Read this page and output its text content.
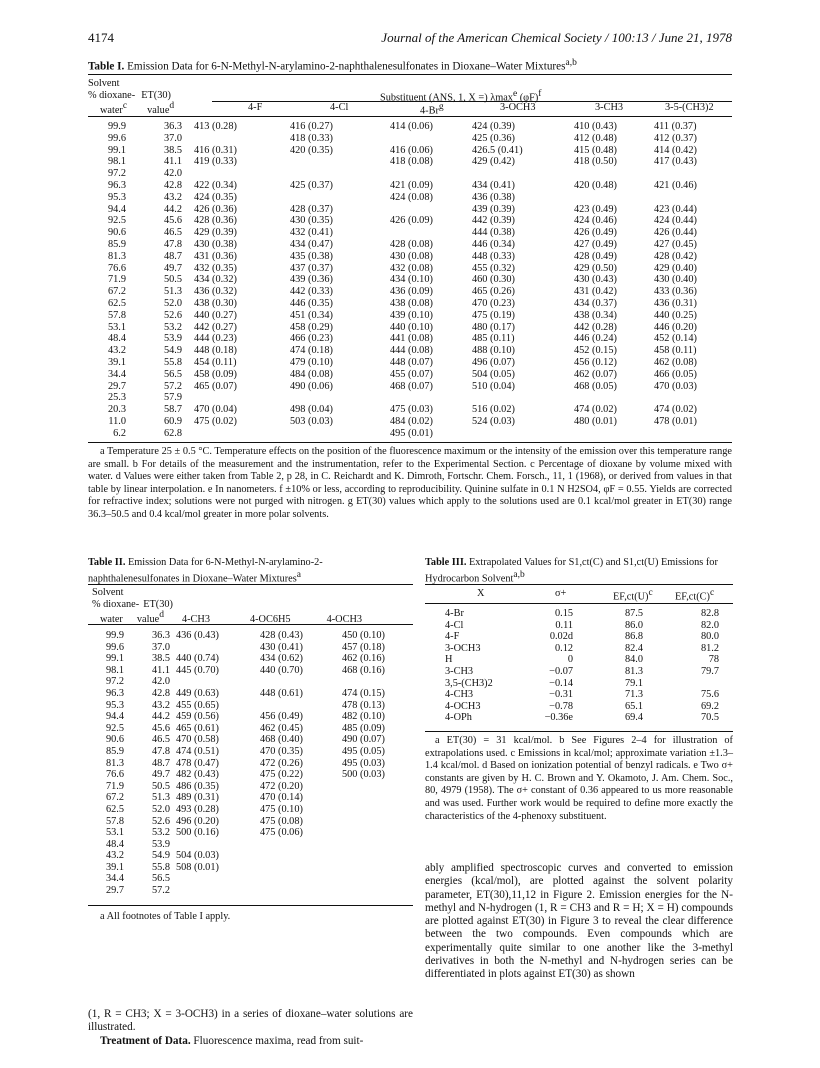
4174	Journal of the American Chemical Society / 100:13 / June 21, 1978
Table I. Emission Data for 6-N-Methyl-N-arylamino-2-naphthalenesulfonates in Dioxane–Water Mixtures$^{a,b}$
Solvent
% dioxane- ET(30)
water$^c$ value$^d$
Substituent (ANS, 1, X =) λmax$^e$ $(\varphi F)^f$
4-F	4-Cl	4-Br$^g$	3-OCH3	3-CH3	3-5-(CH3)2
99.9	36.3	413 (0.28)	416 (0.27)	414 (0.06)	424 (0.39)	410 (0.43)	411 (0.37)
99.6	37.0		418 (0.33)		425 (0.36)	412 (0.48)	412 (0.37)
99.1	38.5	416 (0.31)	420 (0.35)	416 (0.06)	426.5 (0.41)	415 (0.48)	414 (0.42)
98.1	41.1	419 (0.33)		418 (0.08)	429 (0.42)	418 (0.50)	417 (0.43)
97.2	42.0						
96.3	42.8	422 (0.34)	425 (0.37)	421 (0.09)	434 (0.41)	420 (0.48)	421 (0.46)
95.3	43.2	424 (0.35)		424 (0.08)	436 (0.38)		
94.4	44.2	426 (0.36)	428 (0.37)		439 (0.39)	423 (0.49)	423 (0.44)
92.5	45.6	428 (0.36)	430 (0.35)	426 (0.09)	442 (0.39)	424 (0.46)	424 (0.44)
90.6	46.5	429 (0.39)	432 (0.41)		444 (0.38)	426 (0.49)	426 (0.44)
85.9	47.8	430 (0.38)	434 (0.47)	428 (0.08)	446 (0.34)	427 (0.49)	427 (0.45)
81.3	48.7	431 (0.36)	435 (0.38)	430 (0.08)	448 (0.33)	428 (0.49)	428 (0.42)
76.6	49.7	432 (0.35)	437 (0.37)	432 (0.08)	455 (0.32)	429 (0.50)	429 (0.40)
71.9	50.5	434 (0.32)	439 (0.36)	434 (0.10)	460 (0.30)	430 (0.43)	430 (0.40)
67.2	51.3	436 (0.32)	442 (0.33)	436 (0.09)	465 (0.26)	431 (0.42)	433 (0.36)
62.5	52.0	438 (0.30)	446 (0.35)	438 (0.08)	470 (0.23)	434 (0.37)	436 (0.31)
57.8	52.6	440 (0.27)	451 (0.34)	439 (0.10)	475 (0.19)	438 (0.34)	440 (0.25)
53.1	53.2	442 (0.27)	458 (0.29)	440 (0.10)	480 (0.17)	442 (0.28)	446 (0.20)
48.4	53.9	444 (0.23)	466 (0.23)	441 (0.08)	485 (0.11)	446 (0.24)	452 (0.14)
43.2	54.9	448 (0.18)	474 (0.18)	444 (0.08)	488 (0.10)	452 (0.15)	458 (0.11)
39.1	55.8	454 (0.11)	479 (0.10)	448 (0.07)	496 (0.07)	456 (0.12)	462 (0.08)
34.4	56.5	458 (0.09)	484 (0.08)	455 (0.07)	504 (0.05)	462 (0.07)	466 (0.05)
29.7	57.2	465 (0.07)	490 (0.06)	468 (0.07)	510 (0.04)	468 (0.05)	470 (0.03)
25.3	57.9						
20.3	58.7	470 (0.04)	498 (0.04)	475 (0.03)	516 (0.02)	474 (0.02)	474 (0.02)
11.0	60.9	475 (0.02)	503 (0.03)	484 (0.02)	524 (0.03)	480 (0.01)	478 (0.01)
6.2	62.8			495 (0.01)			
a Temperature 25 ± 0.5 °C. Temperature effects on the position of the fluorescence maximum or the intensity of the emission over this temperature range are small. b For details of the measurement and the instrumentation, refer to the Experimental Section. c Percentage of dioxane by volume mixed with water. d Values were either taken from Table 2, p 28, in C. Reichardt and K. Dimroth, Fortschr. Chem. Forsch., 11, 1 (1968), or derived from values in that table by linear interpolation. e In nanometers. f ±10% or less, according to reproducibility. Quinine sulfate in 0.1 N H2SO4, φF = 0.55. Yields are corrected for refractive index; solutions were not purged with nitrogen. g ET(30) values which apply to the solutions used are 0.1 kcal/mol greater in ET(30) range 36.3–50.5 and 0.4 kcal/mol greater in more polar solvents.
Table II. Emission Data for 6-N-Methyl-N-arylamino-2-naphthalenesulfonates in Dioxane–Water Mixtures$^a$
Solvent
% dioxane- ET(30)
water value$^d$ 4-CH3	4-OC6H5	4-OCH3
99.9	36.3	436 (0.43)	428 (0.43)	450 (0.10)
99.6	37.0		430 (0.41)	457 (0.18)
99.1	38.5	440 (0.74)	434 (0.62)	462 (0.16)
98.1	41.1	445 (0.70)	440 (0.70)	468 (0.16)
97.2	42.0			
96.3	42.8	449 (0.63)	448 (0.61)	474 (0.15)
95.3	43.2	455 (0.65)		478 (0.13)
94.4	44.2	459 (0.56)	456 (0.49)	482 (0.10)
92.5	45.6	465 (0.61)	462 (0.45)	485 (0.09)
90.6	46.5	470 (0.58)	468 (0.40)	490 (0.07)
85.9	47.8	474 (0.51)	470 (0.35)	495 (0.05)
81.3	48.7	478 (0.47)	472 (0.26)	495 (0.03)
76.6	49.7	482 (0.43)	475 (0.22)	500 (0.03)
71.9	50.5	486 (0.35)	472 (0.20)	
67.2	51.3	489 (0.31)	470 (0.14)	
62.5	52.0	493 (0.28)	475 (0.10)	
57.8	52.6	496 (0.20)	475 (0.08)	
53.1	53.2	500 (0.16)	475 (0.06)	
48.4	53.9			
43.2	54.9	504 (0.03)		
39.1	55.8	508 (0.01)		
34.4	56.5			
29.7	57.2			
a All footnotes of Table I apply.
Table III. Extrapolated Values for S1,ct(C) and S1,ct(U) Emissions for Hydrocarbon Solvent$^{a,b}$
X	σ+	$EF,ct(U)^c$ $EF,ct(C)^c$
4-Br	0.15	87.5	82.8
4-Cl	0.11	86.0	82.0
4-F	0.02d	86.8	80.0
3-OCH3	0.12	82.4	81.2
H	0	84.0	78
3-CH3	−0.07	81.3	79.7
3,5-(CH3)2	−0.14	79.1	
4-CH3	−0.31	71.3	75.6
4-OCH3	−0.78	65.1	69.2
4-OPh	−0.36e	69.4	70.5
a ET(30) = 31 kcal/mol. b See Figures 2–4 for illustration of extrapolations used. c Emissions in kcal/mol; approximate variation ±1.3–1.4 kcal/mol. d Based on ionization potential of benzyl radicals. e Two σ+ constants are given by H. C. Brown and Y. Okamoto, J. Am. Chem. Soc., 80, 4979 (1958). The σ+ constant of 0.36 appeared to us more reasonable and was used. Further work would be required to define more exactly the characteristics of the 4-phenoxy substituent.
(1, R = CH3; X = 3-OCH3) in a series of dioxane–water solutions are illustrated.
Treatment of Data. Fluorescence maxima, read from suit-
ably amplified spectroscopic curves and converted to emission energies (kcal/mol), are plotted against the solvent polarity parameter, ET(30),11,12 in Figure 2. Emission energies for the N-methyl and N-hydrogen (1, R = CH3 and R = H; X = H) compounds are plotted against ET(30) in Figure 3 to reveal the clear difference between the two compounds. Even compounds which are experimentally quite similar to one another like the 3-methyl derivatives in both the N-methyl and N-hydrogen series can be differentiated in plots against ET(30) as shown
